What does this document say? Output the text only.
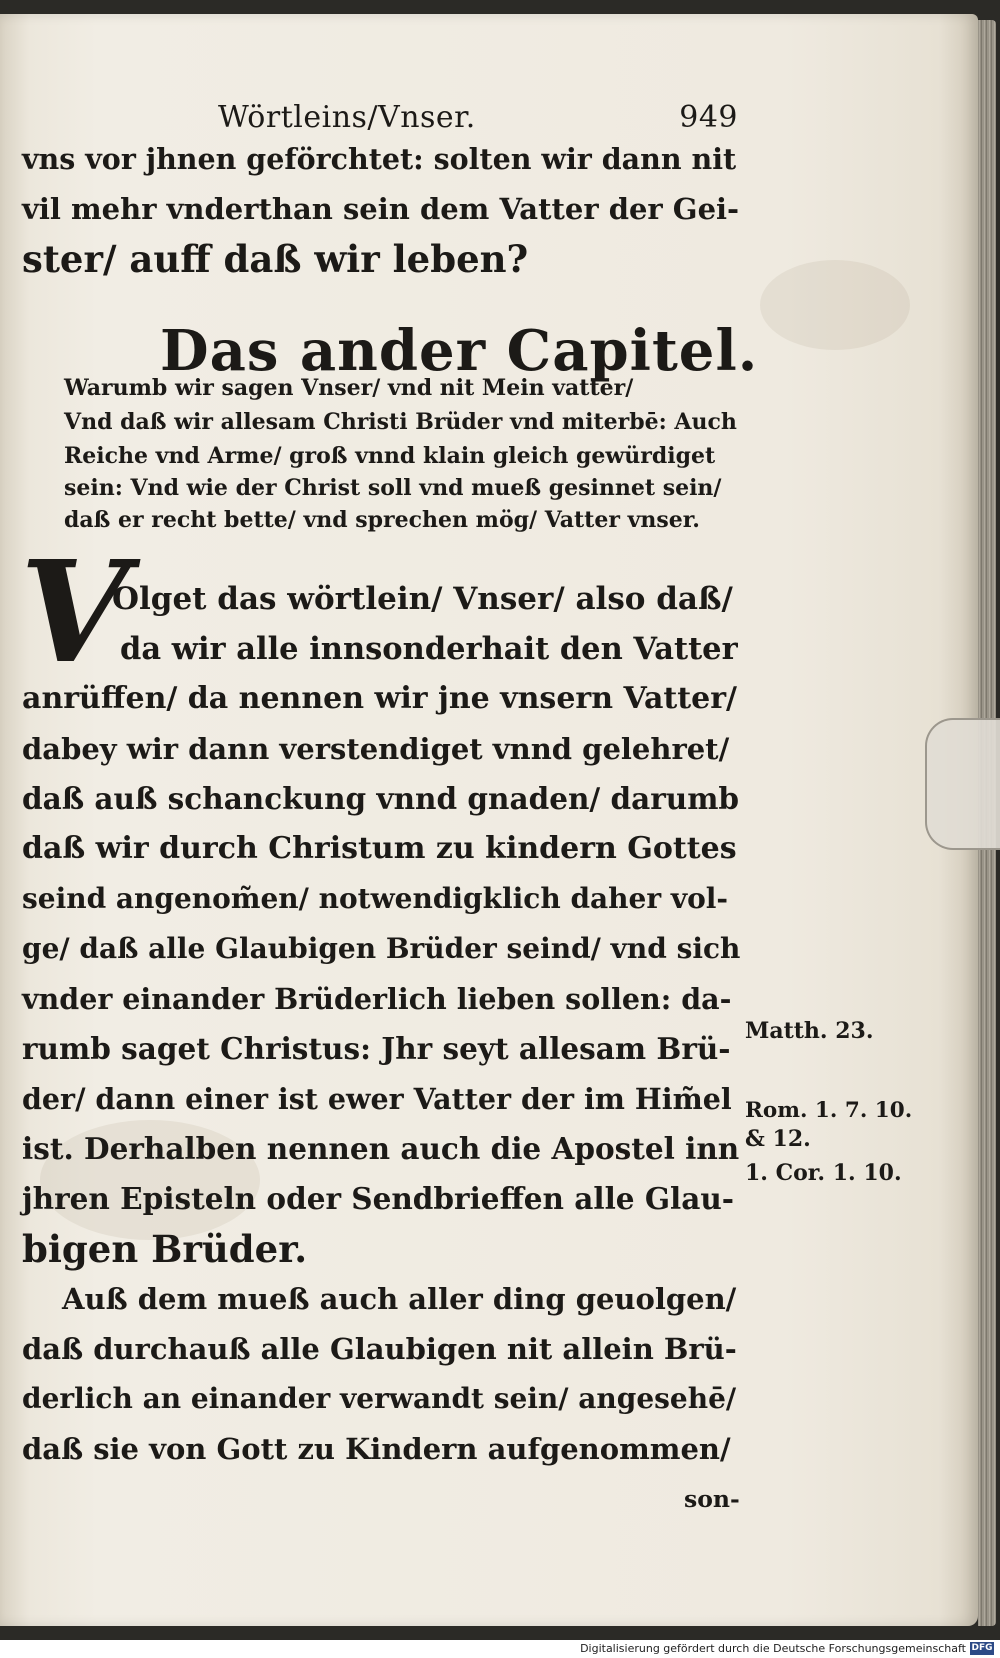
Wörtleins/Vnser.	949
vns vor jhnen geförchtet: solten wir dann nit
vil mehr vnderthan sein dem Vatter der Gei-
ster/ auff daß wir leben?
Das ander Capitel.
Warumb wir sagen Vnser/ vnd nit Mein vatter/
Vnd daß wir allesam Christi Brüder vnd miterbē: Auch
Reiche vnd Arme/ groß vnnd klain gleich gewürdiget
sein: Vnd wie der Christ soll vnd mueß gesinnet sein/
daß er recht bette/ vnd sprechen mög/ Vatter vnser.
V
Olget das wörtlein/ Vnser/ also daß/
da wir alle innsonderhait den Vatter
anrüffen/ da nennen wir jne vnsern Vatter/
dabey wir dann verstendiget vnnd gelehret/
daß auß schanckung vnnd gnaden/ darumb
daß wir durch Christum zu kindern Gottes
seind angenom̃en/ notwendigklich daher vol-
ge/ daß alle Glaubigen Brüder seind/ vnd sich
vnder einander Brüderlich lieben sollen: da-
rumb saget Christus: Jhr seyt allesam Brü-
der/ dann einer ist ewer Vatter der im Him̃el
ist. Derhalben nennen auch die Apostel inn
jhren Episteln oder Sendbrieffen alle Glau-
bigen Brüder.
Auß dem mueß auch aller ding geuolgen/
daß durchauß alle Glaubigen nit allein Brü-
derlich an einander verwandt sein/ angesehē/
daß sie von Gott zu Kindern aufgenommen/
son-
Matth. 23.
Rom. 1. 7. 10.
& 12.
1. Cor. 1. 10.
Digitalisierung gefördert durch die Deutsche Forschungsgemeinschaft DFG
